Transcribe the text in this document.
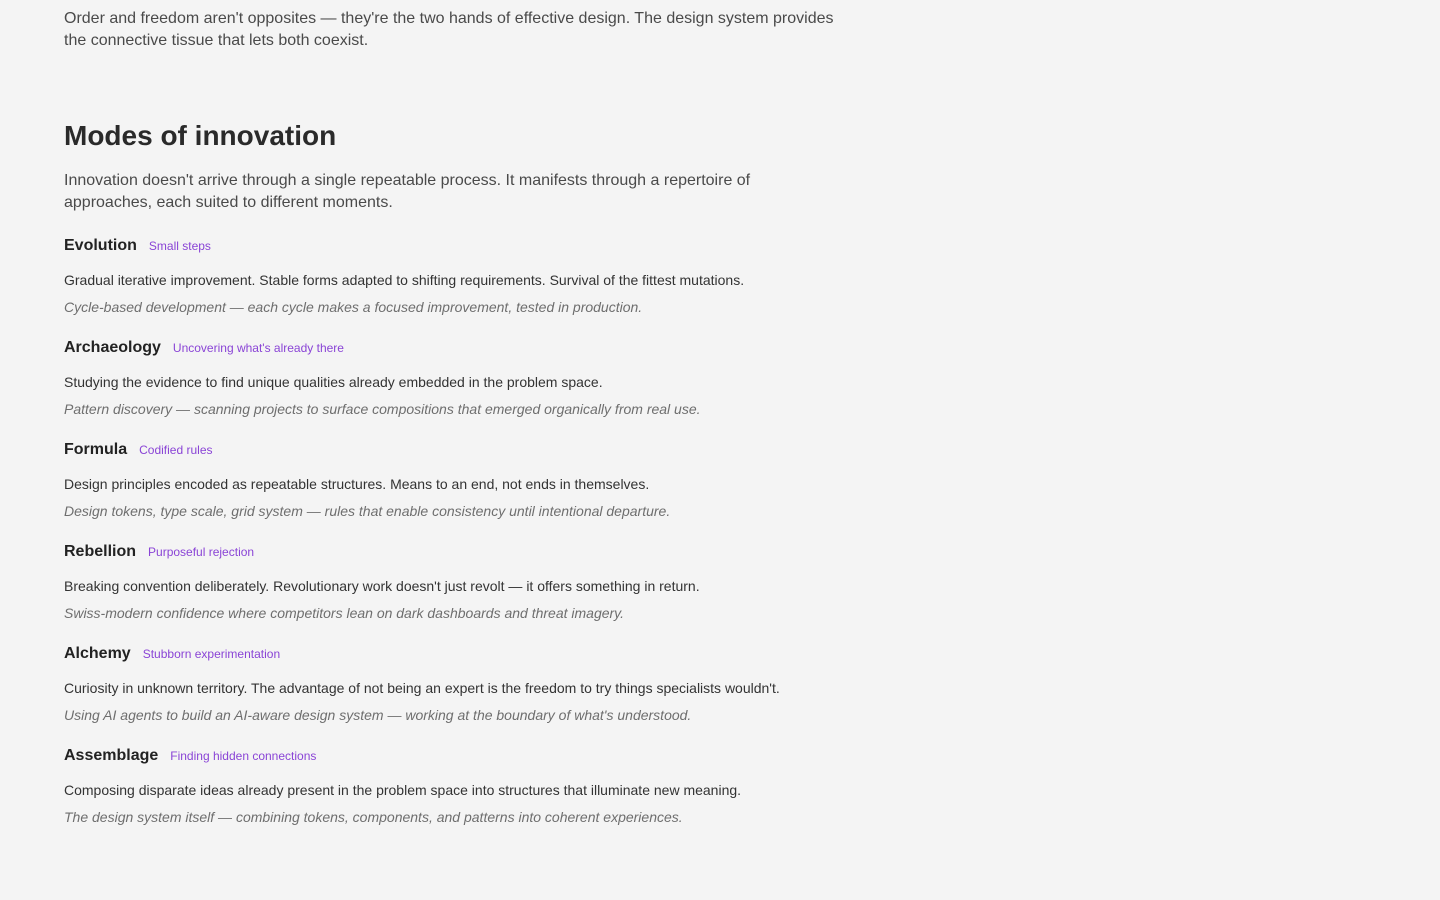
Order and freedom aren't opposites — they're the two hands of effective design. The design system provides the connective tissue that lets both coexist.

Modes of innovation

Innovation doesn't arrive through a single repeatable process. It manifests through a repertoire of approaches, each suited to different moments.

Evolution Small steps

Gradual iterative improvement. Stable forms adapted to shifting requirements. Survival of the fittest mutations.

Cycle-based development — each cycle makes a focused improvement, tested in production.

Archaeology Uncovering what's already there

Studying the evidence to find unique qualities already embedded in the problem space.

Pattern discovery — scanning projects to surface compositions that emerged organically from real use.

Formula Codified rules

Design principles encoded as repeatable structures. Means to an end, not ends in themselves.

Design tokens, type scale, grid system — rules that enable consistency until intentional departure.

Rebellion Purposeful rejection

Breaking convention deliberately. Revolutionary work doesn't just revolt — it offers something in return.

Swiss-modern confidence where competitors lean on dark dashboards and threat imagery.

Alchemy Stubborn experimentation

Curiosity in unknown territory. The advantage of not being an expert is the freedom to try things specialists wouldn't.

Using AI agents to build an AI-aware design system — working at the boundary of what's understood.

Assemblage Finding hidden connections

Composing disparate ideas already present in the problem space into structures that illuminate new meaning.

The design system itself — combining tokens, components, and patterns into coherent experiences.
